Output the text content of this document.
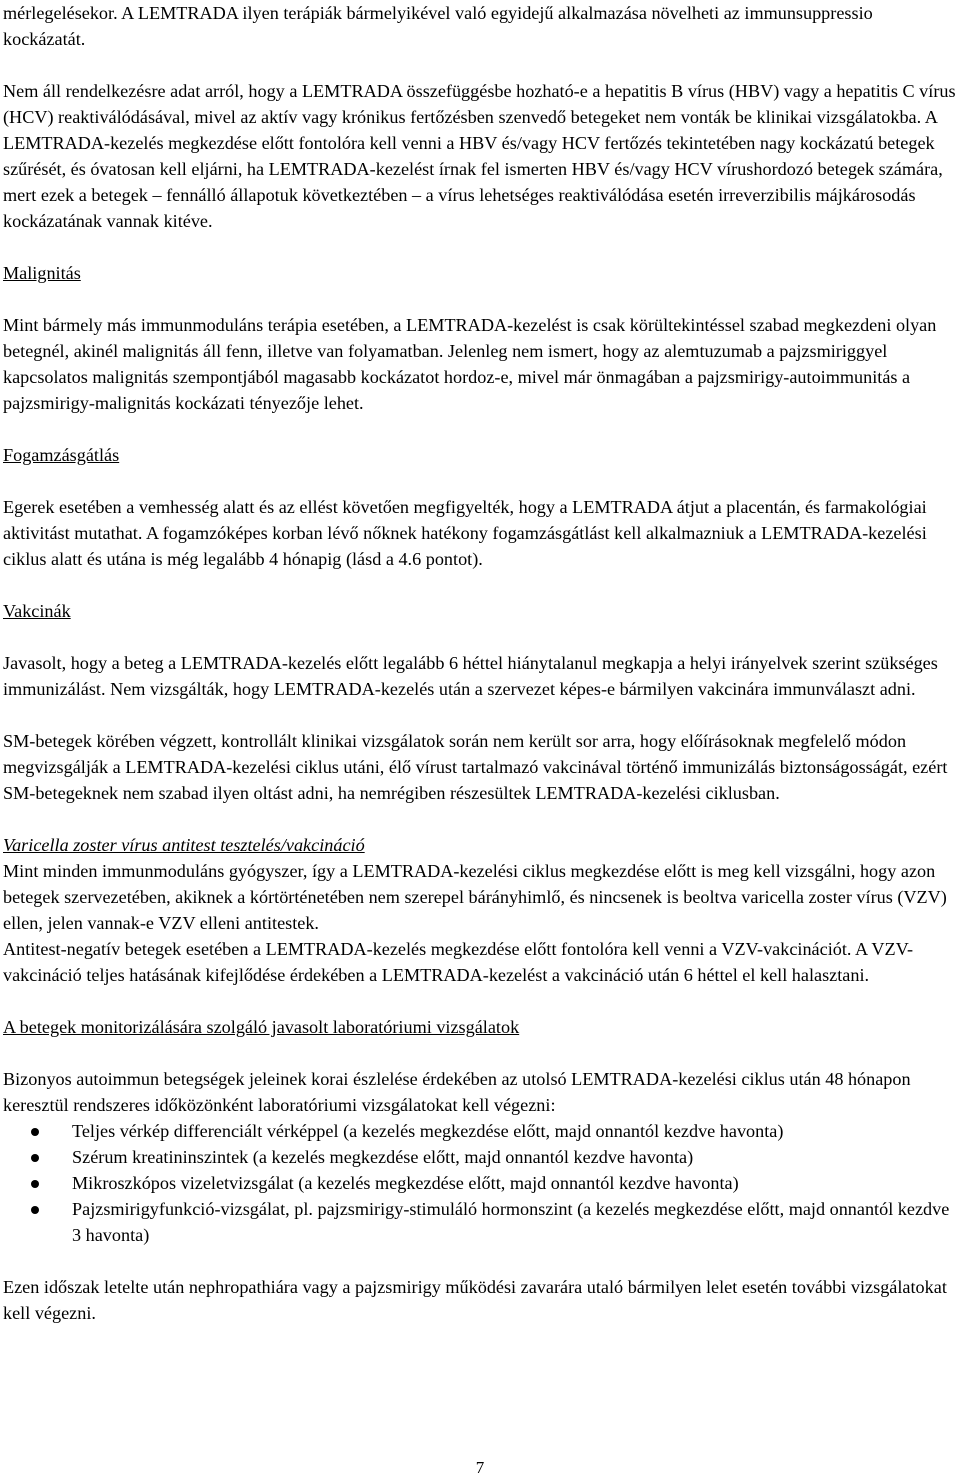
mérlegelésekor. A LEMTRADA ilyen terápiák bármelyikével való egyidejű alkalmazása növelheti az immunsuppressio kockázatát.

Nem áll rendelkezésre adat arról, hogy a LEMTRADA összefüggésbe hozható-e a hepatitis B vírus (HBV) vagy a hepatitis C vírus (HCV) reaktiválódásával, mivel az aktív vagy krónikus fertőzésben szenvedő betegeket nem vonták be klinikai vizsgálatokba. A LEMTRADA-kezelés megkezdése előtt fontolóra kell venni a HBV és/vagy HCV fertőzés tekintetében nagy kockázatú betegek szűrését, és óvatosan kell eljárni, ha LEMTRADA-kezelést írnak fel ismerten HBV és/vagy HCV vírushordozó betegek számára, mert ezek a betegek – fennálló állapotuk következtében – a vírus lehetséges reaktiválódása esetén irreverzibilis májkárosodás kockázatának vannak kitéve.

Malignitás

Mint bármely más immunmoduláns terápia esetében, a LEMTRADA-kezelést is csak körültekintéssel szabad megkezdeni olyan betegnél, akinél malignitás áll fenn, illetve van folyamatban. Jelenleg nem ismert, hogy az alemtuzumab a pajzsmiriggyel kapcsolatos malignitás szempontjából magasabb kockázatot hordoz-e, mivel már önmagában a pajzsmirigy-autoimmunitás a pajzsmirigy-malignitás kockázati tényezője lehet.

Fogamzásgátlás

Egerek esetében a vemhesség alatt és az ellést követően megfigyelték, hogy a LEMTRADA átjut a placentán, és farmakológiai aktivitást mutathat. A fogamzóképes korban lévő nőknek hatékony fogamzásgátlást kell alkalmazniuk a LEMTRADA-kezelési ciklus alatt és utána is még legalább 4 hónapig (lásd a 4.6 pontot).

Vakcinák

Javasolt, hogy a beteg a LEMTRADA-kezelés előtt legalább 6 héttel hiánytalanul megkapja a helyi irányelvek szerint szükséges immunizálást. Nem vizsgálták, hogy LEMTRADA-kezelés után a szervezet képes-e bármilyen vakcinára immunválaszt adni.

SM-betegek körében végzett, kontrollált klinikai vizsgálatok során nem került sor arra, hogy előírásoknak megfelelő módon megvizsgálják a LEMTRADA-kezelési ciklus utáni, élő vírust tartalmazó vakcinával történő immunizálás biztonságosságát, ezért SM-betegeknek nem szabad ilyen oltást adni, ha nemrégiben részesültek LEMTRADA-kezelési ciklusban.

Varicella zoster vírus antitest tesztelés/vakcináció

Mint minden immunmoduláns gyógyszer, így a LEMTRADA-kezelési ciklus megkezdése előtt is meg kell vizsgálni, hogy azon betegek szervezetében, akiknek a kórtörténetében nem szerepel bárányhimlő, és nincsenek is beoltva varicella zoster vírus (VZV) ellen, jelen vannak-e VZV elleni antitestek.

Antitest-negatív betegek esetében a LEMTRADA-kezelés megkezdése előtt fontolóra kell venni a VZV-vakcinációt. A VZV-vakcináció teljes hatásának kifejlődése érdekében a LEMTRADA-kezelést a vakcináció után 6 héttel el kell halasztani.

A betegek monitorizálására szolgáló javasolt laboratóriumi vizsgálatok

Bizonyos autoimmun betegségek jeleinek korai észlelése érdekében az utolsó LEMTRADA-kezelési ciklus után 48 hónapon keresztül rendszeres időközönként laboratóriumi vizsgálatokat kell végezni:

Teljes vérkép differenciált vérképpel (a kezelés megkezdése előtt, majd onnantól kezdve havonta)
Szérum kreatininszintek (a kezelés megkezdése előtt, majd onnantól kezdve havonta)
Mikroszkópos vizeletvizsgálat (a kezelés megkezdése előtt, majd onnantól kezdve havonta)
Pajzsmirigyfunkció-vizsgálat, pl. pajzsmirigy-stimuláló hormonszint (a kezelés megkezdése előtt, majd onnantól kezdve 3 havonta)

Ezen időszak letelte után nephropathiára vagy a pajzsmirigy működési zavarára utaló bármilyen lelet esetén további vizsgálatokat kell végezni.

7
